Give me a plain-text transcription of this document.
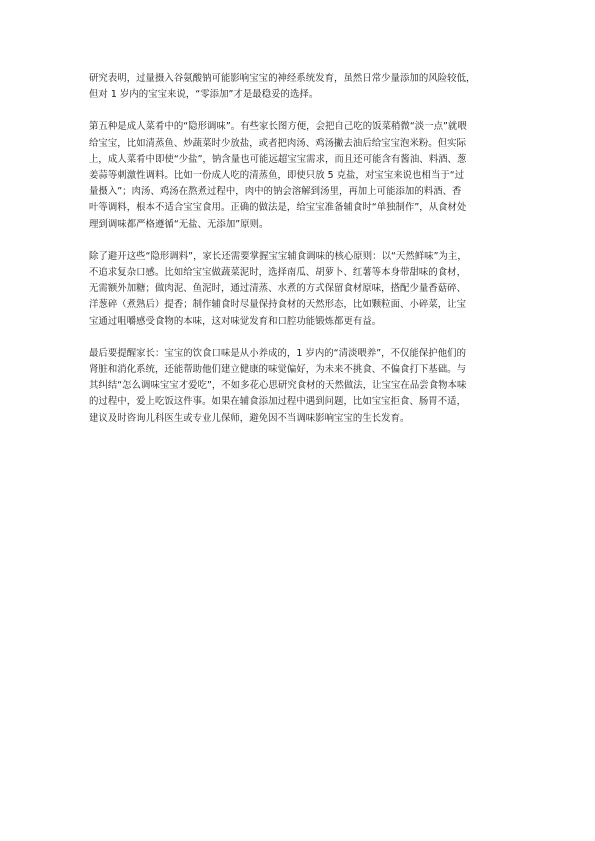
研究表明，过量摄入谷氨酸钠可能影响宝宝的神经系统发育，虽然日常少量添加的风险较低，
但对 1 岁内的宝宝来说，“零添加”才是最稳妥的选择。

第五种是成人菜肴中的“隐形调味”。有些家长图方便，会把自己吃的饭菜稍微“淡一点”就喂
给宝宝，比如清蒸鱼、炒蔬菜时少放盐，或者把肉汤、鸡汤撇去油后给宝宝泡米粉。但实际
上，成人菜肴中即使“少盐”，钠含量也可能远超宝宝需求，而且还可能含有酱油、料酒、葱
姜蒜等刺激性调料。比如一份成人吃的清蒸鱼，即使只放 5 克盐，对宝宝来说也相当于“过
量摄入”；肉汤、鸡汤在熬煮过程中，肉中的钠会溶解到汤里，再加上可能添加的料酒、香
叶等调料，根本不适合宝宝食用。正确的做法是，给宝宝准备辅食时“单独制作”，从食材处
理到调味都严格遵循“无盐、无添加”原则。

除了避开这些“隐形调料”，家长还需要掌握宝宝辅食调味的核心原则：以“天然鲜味”为主，
不追求复杂口感。比如给宝宝做蔬菜泥时，选择南瓜、胡萝卜、红薯等本身带甜味的食材，
无需额外加糖；做肉泥、鱼泥时，通过清蒸、水煮的方式保留食材原味，搭配少量香菇碎、
洋葱碎（煮熟后）提香；制作辅食时尽量保持食材的天然形态，比如颗粒面、小碎菜，让宝
宝通过咀嚼感受食物的本味，这对味觉发育和口腔功能锻炼都更有益。

最后要提醒家长：宝宝的饮食口味是从小养成的，1 岁内的“清淡喂养”，不仅能保护他们的
肾脏和消化系统，还能帮助他们建立健康的味觉偏好，为未来不挑食、不偏食打下基础。与
其纠结“怎么调味宝宝才爱吃”，不如多花心思研究食材的天然做法，让宝宝在品尝食物本味
的过程中，爱上吃饭这件事。如果在辅食添加过程中遇到问题，比如宝宝拒食、肠胃不适，
建议及时咨询儿科医生或专业儿保师，避免因不当调味影响宝宝的生长发育。
